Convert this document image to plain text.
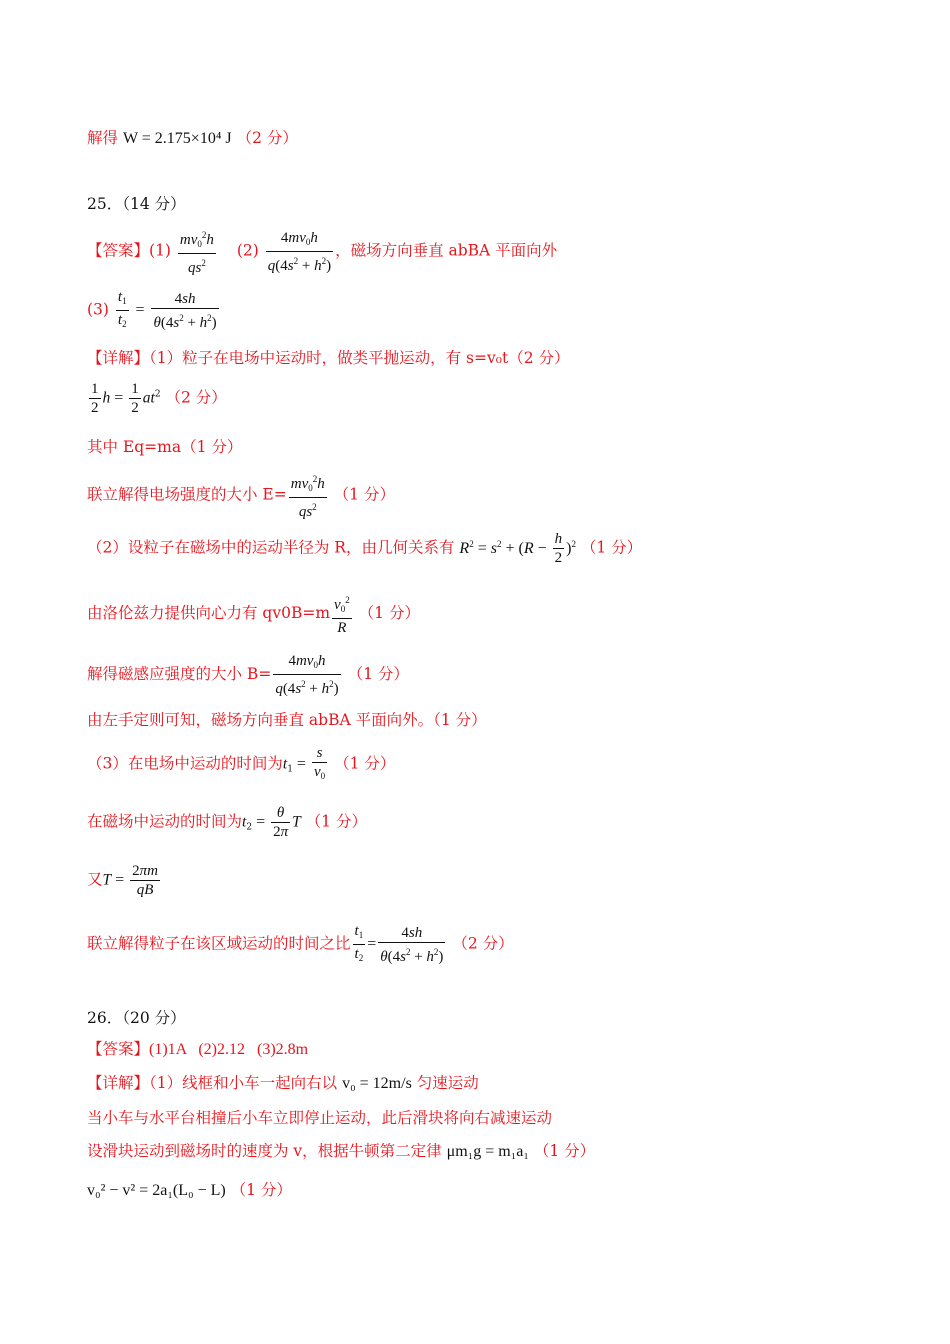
解得 W = 2.175×10⁴ J （2 分）
25．（14 分）
【答案】$(1) \frac{mv_0^2h}{qs^2} (2) \frac{4mv_0h}{q(4s^2 + h^2)}$ ，磁场方向垂直 abBA 平面向外
$(3) \frac{t_1}{t_2} = \frac{4sh}{\theta(4s^2 + h^2)}$
【详解】（1）粒子在电场中运动时，做类平抛运动，有 s=v₀t（2 分）
$\frac{1}{2}$ $h = \frac{1}{2} at^2$ （2 分）
其中 Eq=ma（1 分）
联立解得电场强度的大小 $E= \frac{mv_0^2h}{qs^2} (1$ 分）
（2）设粒子在磁场中的运动半径为 R，由几何关系有 $R^2 = s^2 + (R - \frac{h}{2} )^2$ （1 分）
由洛伦兹力提供向心力有 $qv0B=m \frac{v_0^2}{R} (1$ 分）
解得磁感应强度的大小 $B= \frac{4mv_0h}{q(4s^2 + h^2)} (1$ 分）
由左手定则可知，磁场方向垂直 abBA 平面向外。（1 分）
（3）在电场中运动的时间为$t_1 = \frac{s}{v_0} (1$ 分）
在磁场中运动的时间为$t_2 = \frac{\theta}{2\pi}$ T （1 分）
又$T = \frac{2\pi m}{qB}$
联立解得粒子在该区域运动的时间之比 $\frac{t_1}{t_2} = \frac{4sh}{\theta(4s^2 + h^2)} (2$ 分）
26．（20 分）
【答案】(1)1A   (2)2.12   (3)2.8m
【详解】（1）线框和小车一起向右以 v₀ = 12m/s 匀速运动
当小车与水平台相撞后小车立即停止运动，此后滑块将向右减速运动
设滑块运动到磁场时的速度为 v，根据牛顿第二定律 μm₁g = m₁a₁ （1 分）
v₀² − v² = 2a₁(L₀ − L) （1 分）
